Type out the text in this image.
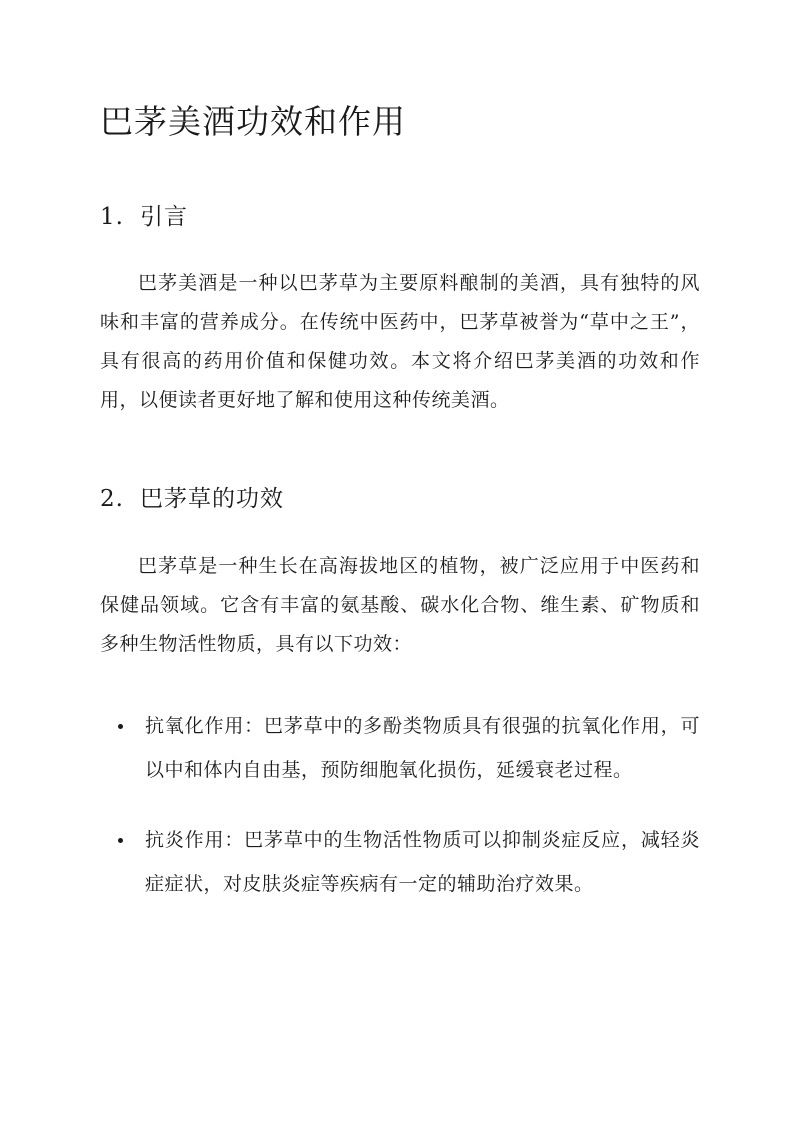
巴茅美酒功效和作用
1. 引言

巴茅美酒是一种以巴茅草为主要原料酿制的美酒，具有独特的风味和丰富的营养成分。在传统中医药中，巴茅草被誉为“草中之王”，具有很高的药用价值和保健功效。本文将介绍巴茅美酒的功效和作用，以便读者更好地了解和使用这种传统美酒。

2. 巴茅草的功效

巴茅草是一种生长在高海拔地区的植物，被广泛应用于中医药和保健品领域。它含有丰富的氨基酸、碳水化合物、维生素、矿物质和多种生物活性物质，具有以下功效：

抗氧化作用：巴茅草中的多酚类物质具有很强的抗氧化作用，可以中和体内自由基，预防细胞氧化损伤，延缓衰老过程。
抗炎作用：巴茅草中的生物活性物质可以抑制炎症反应，减轻炎症症状，对皮肤炎症等疾病有一定的辅助治疗效果。
